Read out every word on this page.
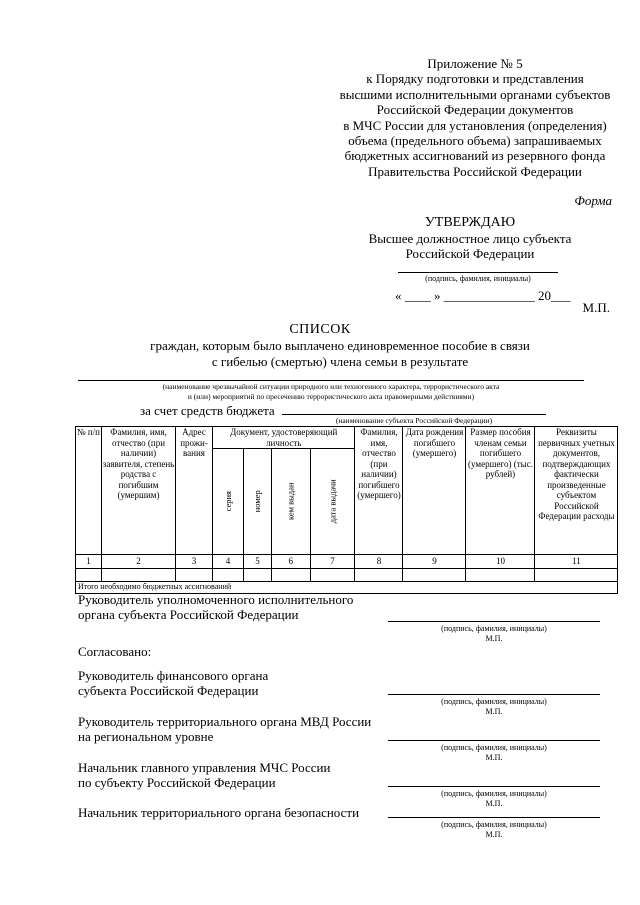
Приложение № 5
к Порядку подготовки и представления
высшими исполнительными органами субъектов
Российской Федерации документов
в МЧС России для установления (определения)
объема (предельного объема) запрашиваемых
бюджетных ассигнований из резервного фонда
Правительства Российской Федерации
Форма
УТВЕРЖДАЮ
Высшее должностное лицо субъекта
Российской Федерации
(подпись, фамилия, инициалы)
« ____ » ______________ 20___
М.П.
СПИСОК
граждан, которым было выплачено единовременное пособие в связи
с гибелью (смертью) члена семьи в результате
(наименование чрезвычайной ситуации природного или техногенного характера, террористического акта
и (или) мероприятий по пресечению террористического акта правомерными действиями)
за счет средств бюджета
(наименование субъекта Российской Федерации)
№ п/п	Фамилия, имя, отчество (при наличии) заявителя, степень родства с погибшим (умершим)	Адрес прожи-вания	Документ, удостоверяющий личность				Фамилия, имя, отчество (при наличии) погибшего (умершего)	Дата рождения погибшего (умершего)	Размер пособия членам семьи погибшего (умершего) (тыс. рублей)	Реквизиты первичных учетных документов, подтверждающих фактически произведенные субъектом Российской Федерации расходы
			серия	номер	кем выдан	дата выдачи				
1	2	3	4	5	6	7	8	9	10	11

Итого необходимо бюджетных ассигнований										
Руководитель уполномоченного исполнительного
органа субъекта Российской Федерации
(подпись, фамилия, инициалы)
М.П.
Согласовано:
Руководитель финансового органа
субъекта Российской Федерации
(подпись, фамилия, инициалы)
М.П.
Руководитель территориального органа МВД России
на региональном уровне
(подпись, фамилия, инициалы)
М.П.
Начальник главного управления МЧС России
по субъекту Российской Федерации
(подпись, фамилия, инициалы)
М.П.
Начальник территориального органа безопасности
(подпись, фамилия, инициалы)
М.П.
